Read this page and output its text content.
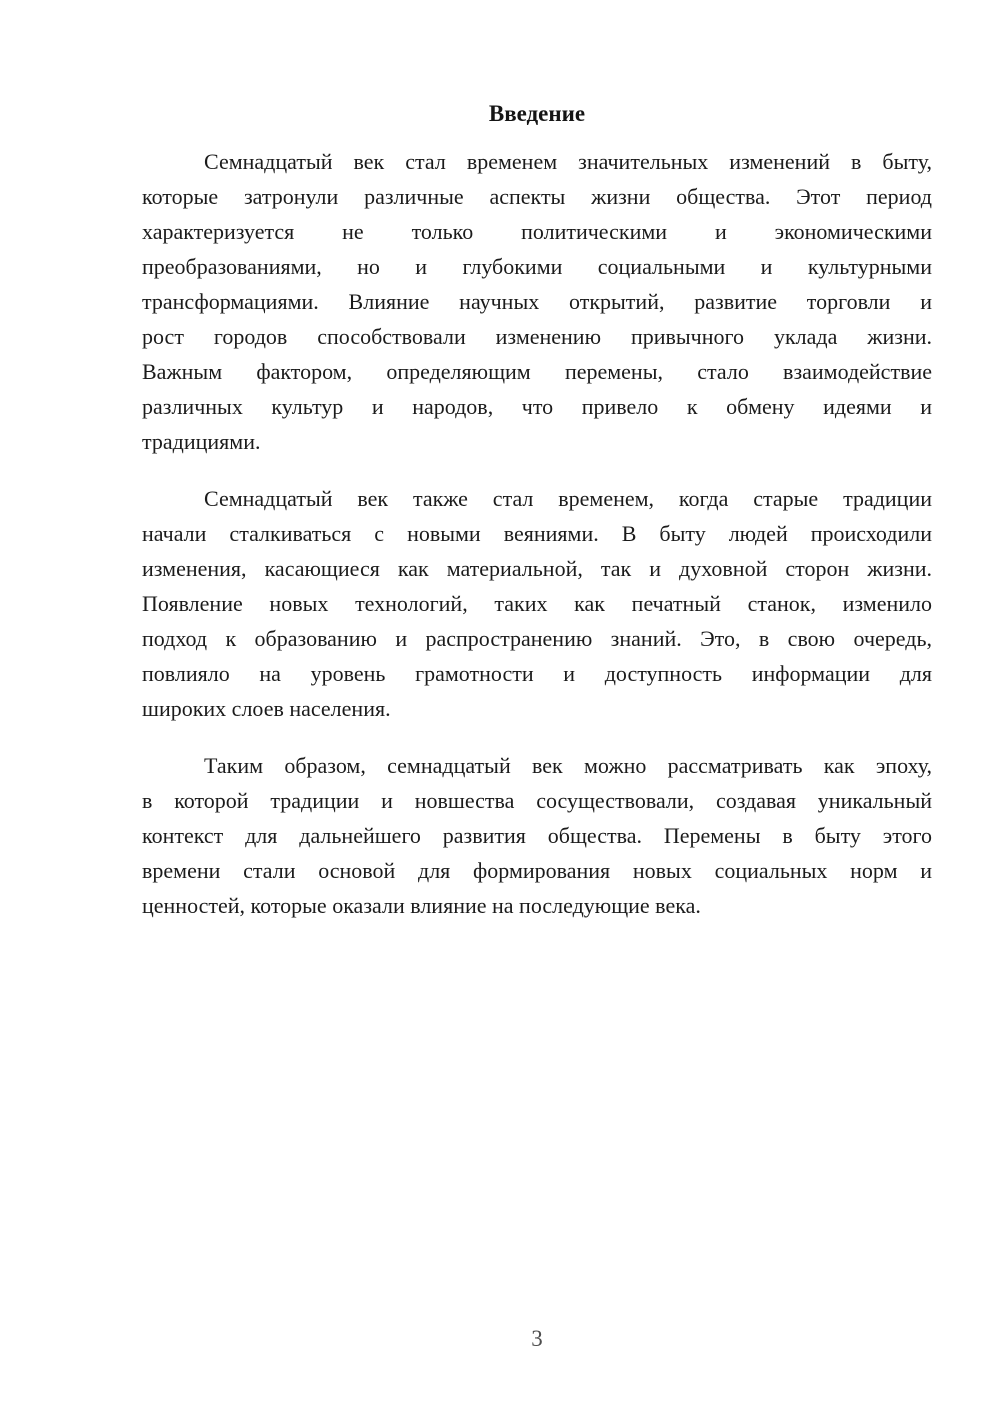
Введение
Семнадцатый век стал временем значительных изменений в быту,
которые затронули различные аспекты жизни общества. Этот период
характеризуется не только политическими и экономическими
преобразованиями, но и глубокими социальными и культурными
трансформациями. Влияние научных открытий, развитие торговли и
рост городов способствовали изменению привычного уклада жизни.
Важным фактором, определяющим перемены, стало взаимодействие
различных культур и народов, что привело к обмену идеями и
традициями.
Семнадцатый век также стал временем, когда старые традиции
начали сталкиваться с новыми веяниями. В быту людей происходили
изменения, касающиеся как материальной, так и духовной сторон жизни.
Появление новых технологий, таких как печатный станок, изменило
подход к образованию и распространению знаний. Это, в свою очередь,
повлияло на уровень грамотности и доступность информации для
широких слоев населения.
Таким образом, семнадцатый век можно рассматривать как эпоху,
в которой традиции и новшества сосуществовали, создавая уникальный
контекст для дальнейшего развития общества. Перемены в быту этого
времени стали основой для формирования новых социальных норм и
ценностей, которые оказали влияние на последующие века.
3
